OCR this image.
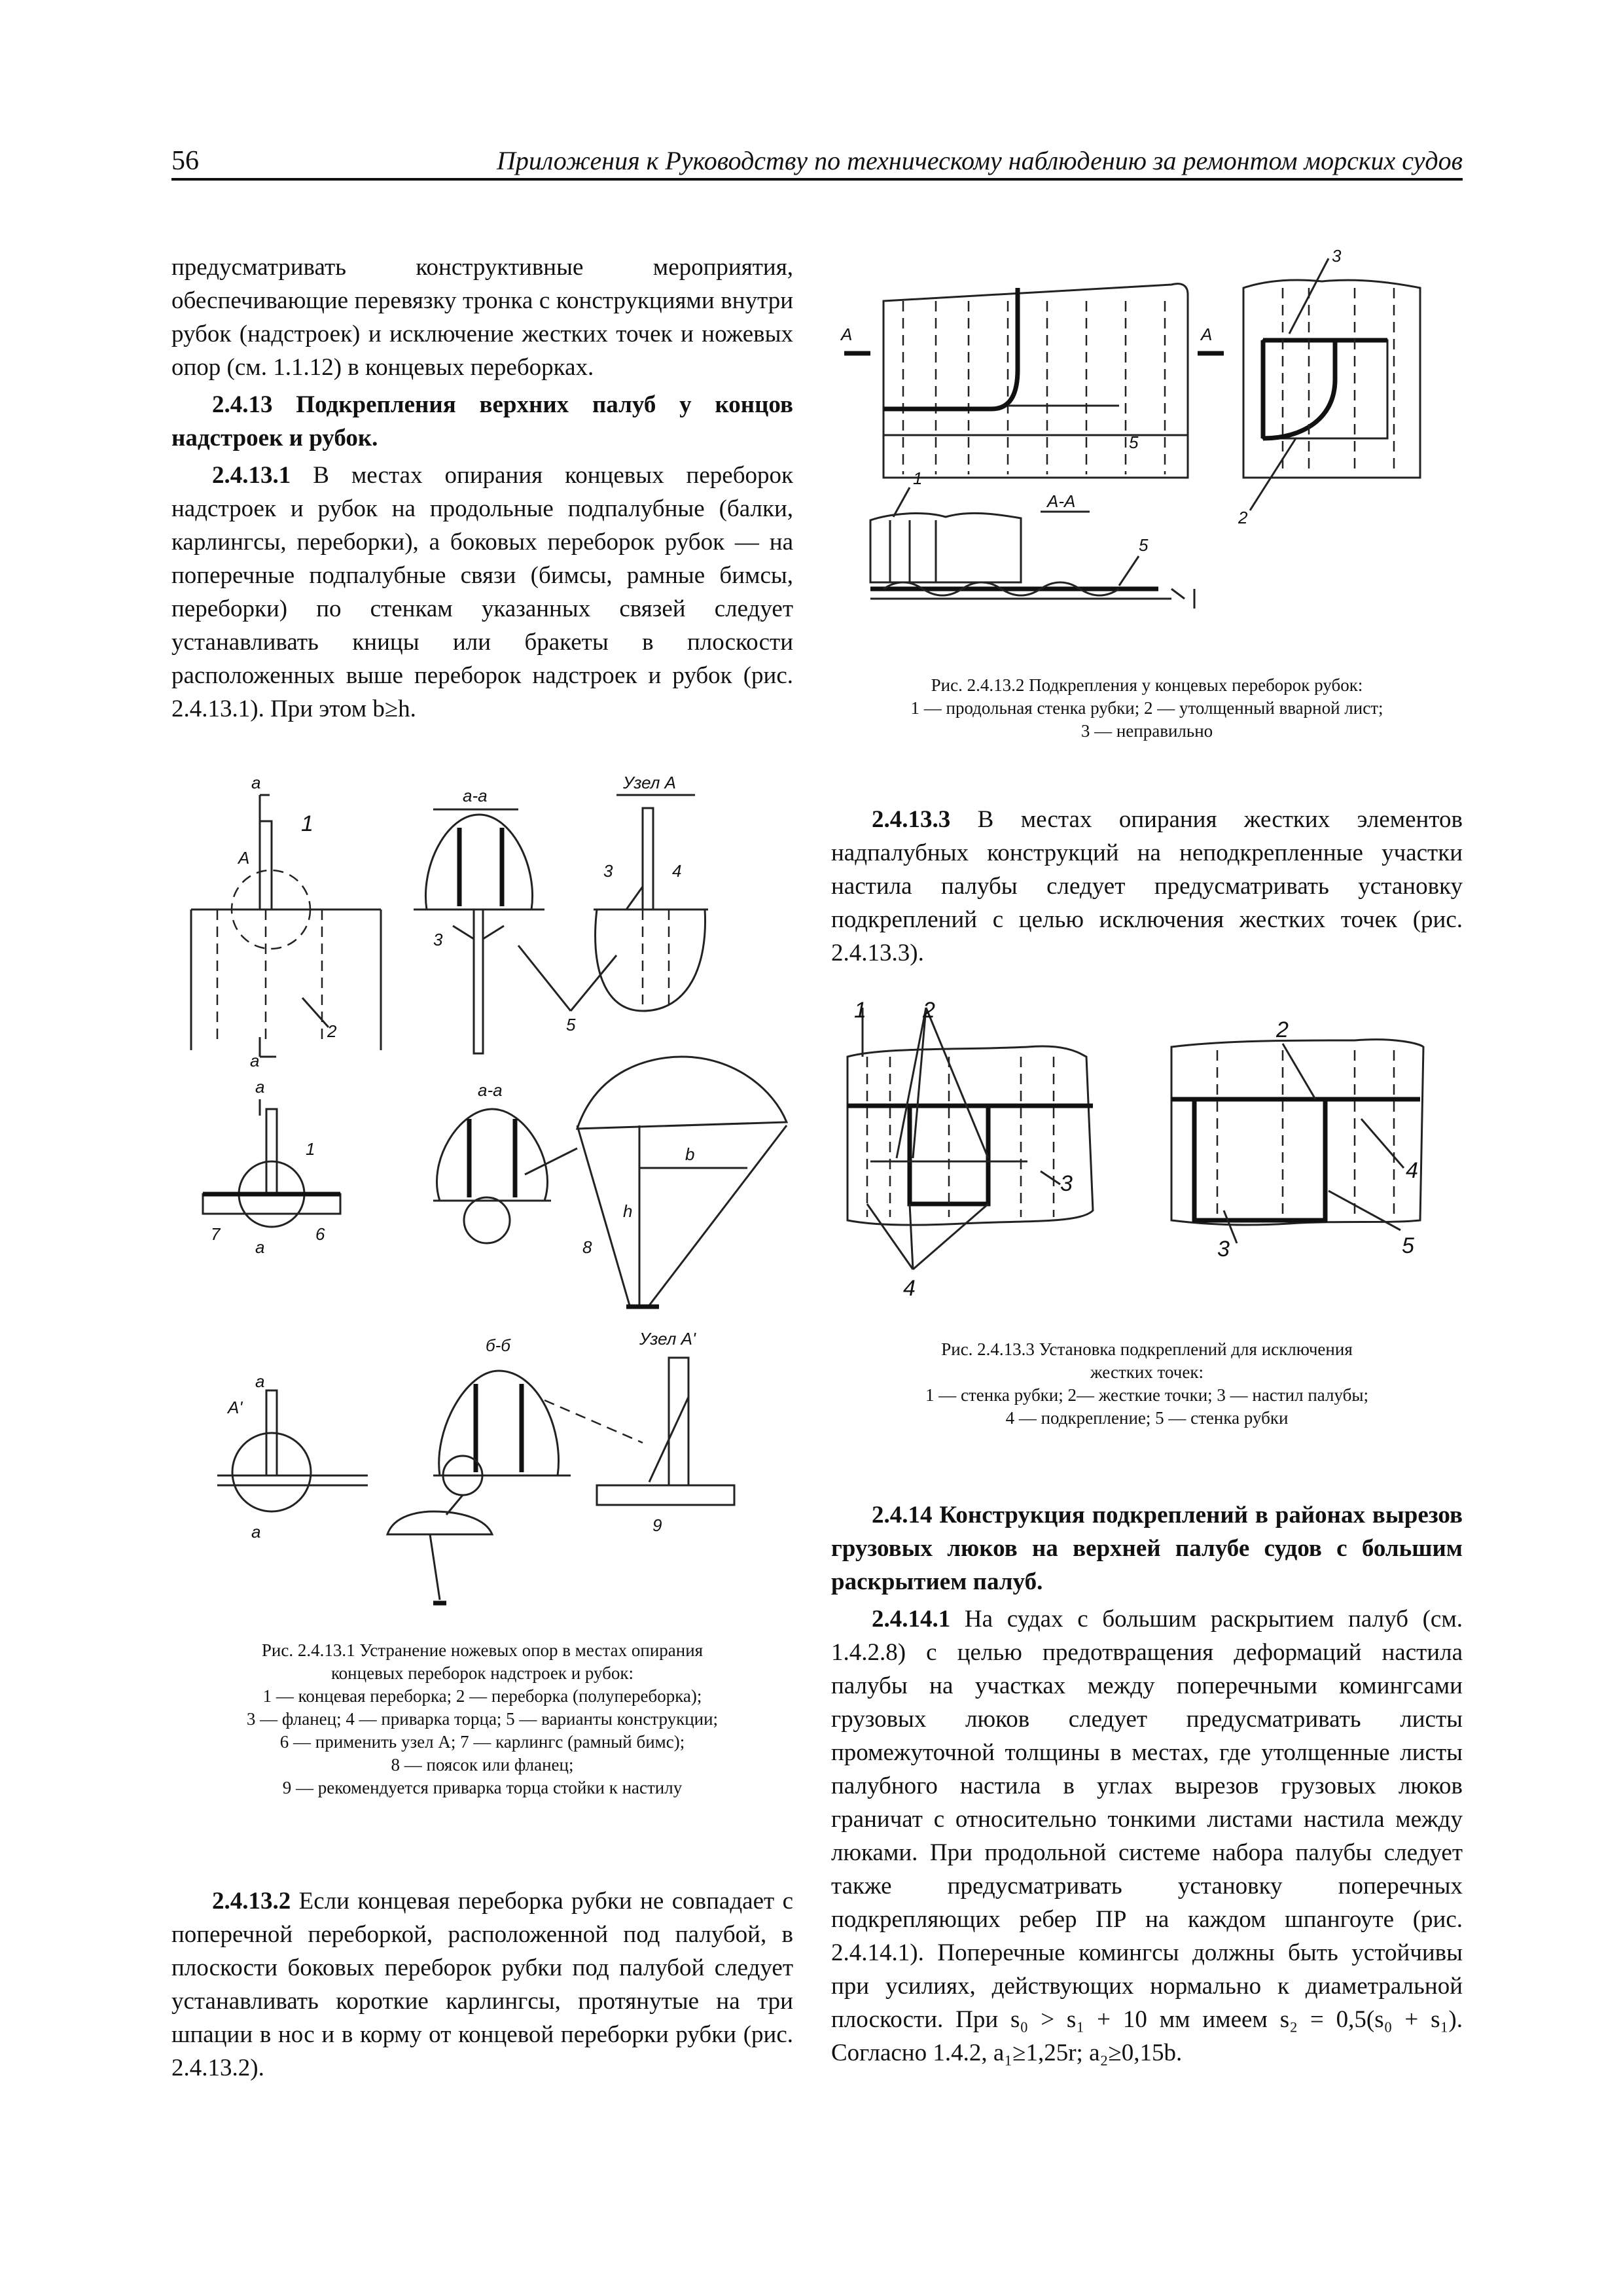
56	Приложения к Руководству по техническому наблюдению за ремонтом морских судов

предусматривать конструктивные мероприятия, обеспечивающие перевязку тронка с конструкциями внутри рубок (надстроек) и исключение жестких точек и ножевых опор (см. 1.1.12) в концевых переборках.

2.4.13 Подкрепления верхних палуб у концов надстроек и рубок.

2.4.13.1 В местах опирания концевых переборок надстроек и рубок на продольные подпалубные (балки, карлингсы, переборки), а боковых переборок рубок — на поперечные подпалубные связи (бимсы, рамные бимсы, переборки) по стенкам указанных связей следует устанавливать кницы или бракеты в плоскости расположенных выше переборок надстроек и рубок (рис. 2.4.13.1). При этом b≥h.

a
A
1
2
a
a-a
3
Узел А
3	4
5
a
1
7	6
a
a-a
b
h
8
a
A'
a
б-б	Узел А'
9

Рис. 2.4.13.1 Устранение ножевых опор в местах опирания

концевых переборок надстроек и рубок:

1 — концевая переборка; 2 — переборка (полупереборка);

3 — фланец; 4 — приварка торца; 5 — варианты конструкции;

6 — применить узел А; 7 — карлингс (рамный бимс);

8 — поясок или фланец;

9 — рекомендуется приварка торца стойки к настилу

2.4.13.2 Если концевая переборка рубки не совпадает с поперечной переборкой, расположенной под палубой, в плоскости боковых переборок рубки под палубой следует устанавливать короткие карлингсы, протянутые на три шпации в нос и в корму от концевой переборки рубки (рис. 2.4.13.2).

A	A
5
3
2
A-A
1
5

Рис. 2.4.13.2 Подкрепления у концевых переборок рубок:

1 — продольная стенка рубки; 2 — утолщенный вварной лист;

3 — неправильно

2.4.13.3 В местах опирания жестких элементов надпалубных конструкций на неподкрепленные участки настила палубы следует предусматривать установку подкреплений с целью исключения жестких точек (рис. 2.4.13.3).

1	2
3
4
2
4
3	5

Рис. 2.4.13.3 Установка подкреплений для исключения

жестких точек:

1 — стенка рубки; 2— жесткие точки; 3 — настил палубы;

4 — подкрепление; 5 — стенка рубки

2.4.14 Конструкция подкреплений в районах вырезов грузовых люков на верхней палубе судов с большим раскрытием палуб.

2.4.14.1 На судах с большим раскрытием палуб (см. 1.4.2.8) с целью предотвращения деформаций настила палубы на участках между поперечными комингсами грузовых люков следует предусматривать листы промежуточной толщины в местах, где утолщенные листы палубного настила в углах вырезов грузовых люков граничат с относительно тонкими листами настила между люками. При продольной системе набора палубы следует также предусматривать установку поперечных подкрепляющих ребер ПР на каждом шпангоуте (рис. 2.4.14.1). Поперечные комингсы должны быть устойчивы при усилиях, действующих нормально к диаметральной плоскости. При s₀ > s₁ + 10 мм имеем s₂ = 0,5(s₀ + s₁). Согласно 1.4.2, a₁≥1,25r; a₂≥0,15b.
